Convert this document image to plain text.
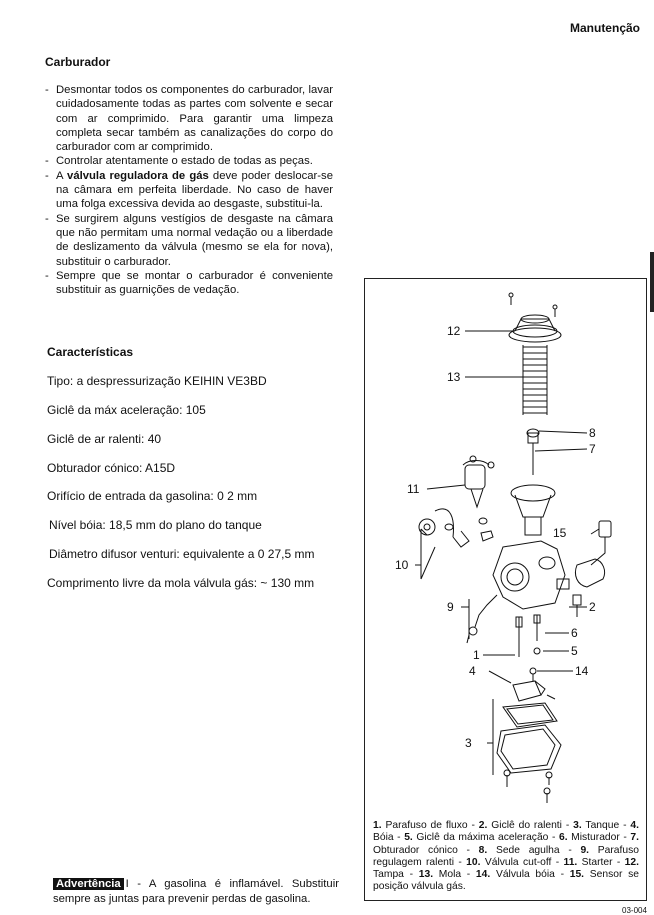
Manutenção
Carburador
- Desmontar todos os componentes do carburador, lavar cuidadosamente todas as partes com solvente e secar com ar comprimido. Para garantir uma limpeza completa secar também as canalizações do corpo do carburador com ar comprimido.
- Controlar atentamente o estado de todas as peças.
- A válvula reguladora de gás deve poder deslocar-se na câmara em perfeita liberdade. No caso de haver uma folga excessiva devida ao desgaste, substitui-la.
- Se surgirem alguns vestígios de desgaste na câmara que não permitam uma normal vedação ou a liberdade de deslizamento da válvula (mesmo se ela for nova), substituir o carburador.
- Sempre que se montar o carburador é conveniente substituir as guarnições de vedação.
Características
Tipo: a despressurização KEIHIN VE3BD
Giclê da máx aceleração: 105
Giclê de ar ralenti: 40
Obturador cónico: A15D
Orifício de entrada da gasolina: 0 2 mm
Nível bóia: 18,5 mm do plano do tanque
Diâmetro difusor venturi: equivalente a 0 27,5 mm
Comprimento livre da mola válvula gás: ~ 130 mm
12
13
8
7
11
15
10
9	2
6
1	5
4	14
3
1. Parafuso de fluxo - 2. Giclê do ralenti - 3. Tanque - 4. Bóia - 5. Giclê da máxima aceleração - 6. Misturador - 7. Obturador cónico - 8. Sede agulha - 9. Parafuso regulagem ralenti - 10. Válvula cut-off - 11. Starter - 12. Tampa - 13. Mola - 14. Válvula bóia - 15. Sensor se posição válvula gás.
03-004
Advertência I - A gasolina é inflamável. Substituir sempre as juntas para prevenir perdas de gasolina.
